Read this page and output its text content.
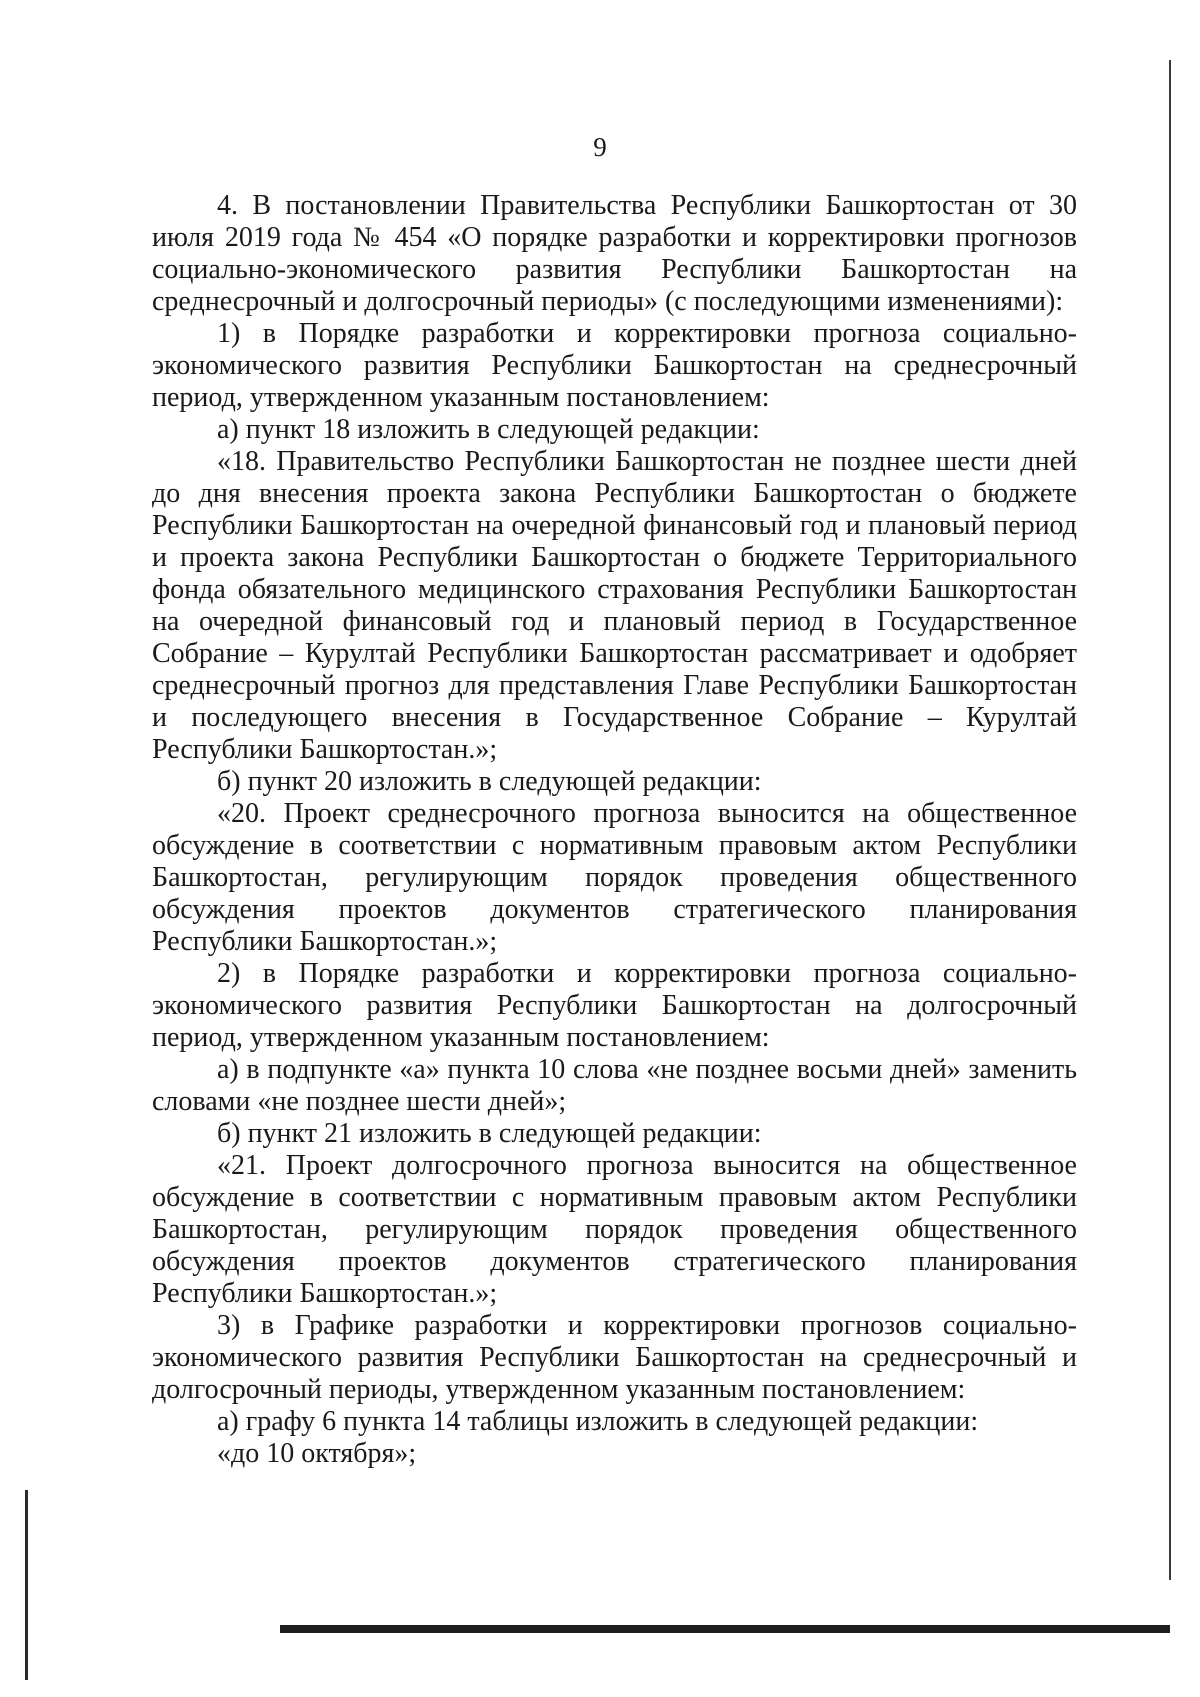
9

4. В постановлении Правительства Республики Башкортостан от 30 июля 2019 года № 454 «О порядке разработки и корректировки прогнозов социально-экономического развития Республики Башкортостан на среднесрочный и долгосрочный периоды» (с последующими изменениями):

1) в Порядке разработки и корректировки прогноза социально-экономического развития Республики Башкортостан на среднесрочный период, утвержденном указанным постановлением:

а) пункт 18 изложить в следующей редакции:

«18. Правительство Республики Башкортостан не позднее шести дней до дня внесения проекта закона Республики Башкортостан о бюджете Республики Башкортостан на очередной финансовый год и плановый период и проекта закона Республики Башкортостан о бюджете Территориального фонда обязательного медицинского страхования Республики Башкортостан на очередной финансовый год и плановый период в Государственное Собрание – Курултай Республики Башкортостан рассматривает и одобряет среднесрочный прогноз для представления Главе Республики Башкортостан и последующего внесения в Государственное Собрание – Курултай Республики Башкортостан.»;

б) пункт 20 изложить в следующей редакции:

«20. Проект среднесрочного прогноза выносится на общественное обсуждение в соответствии с нормативным правовым актом Республики Башкортостан, регулирующим порядок проведения общественного обсуждения проектов документов стратегического планирования Республики Башкортостан.»;

2) в Порядке разработки и корректировки прогноза социально-экономического развития Республики Башкортостан на долгосрочный период, утвержденном указанным постановлением:

а) в подпункте «а» пункта 10 слова «не позднее восьми дней» заменить словами «не позднее шести дней»;

б) пункт 21 изложить в следующей редакции:

«21. Проект долгосрочного прогноза выносится на общественное обсуждение в соответствии с нормативным правовым актом Республики Башкортостан, регулирующим порядок проведения общественного обсуждения проектов документов стратегического планирования Республики Башкортостан.»;

3) в Графике разработки и корректировки прогнозов социально-экономического развития Республики Башкортостан на среднесрочный и долгосрочный периоды, утвержденном указанным постановлением:

а) графу 6 пункта 14 таблицы изложить в следующей редакции:

«до 10 октября»;
